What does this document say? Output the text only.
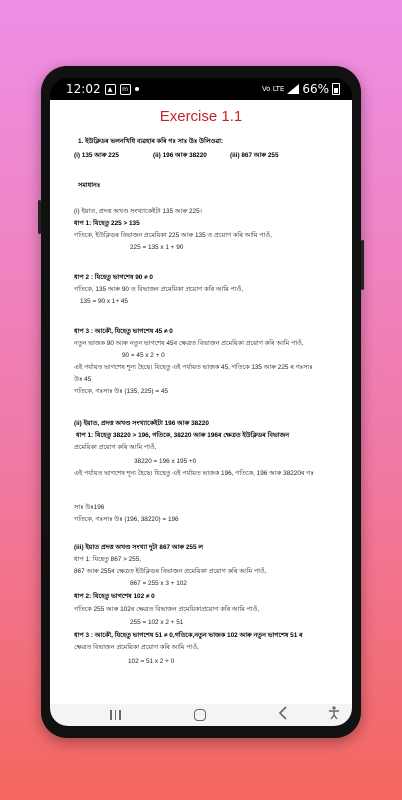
12:02	▲	m	Vo LTE 66%
Exercise 1.1
1. ইউক্লিডৰ ভলনখিধি ব্যৱহাৰ কৰি গঃ সাঃ উঃ উলিওৱা:
(i) 135 আৰু 225	(ii) 196 আৰু 38220	(iii) 867 আৰু 255
সমাধানঃ
(i) ইয়াত, প্ৰদত্ত অখণ্ড সংখ্যাকেইটা 135 আৰু 225।
ধাপ 1: যিহেতু 225 > 135
গতিকে, ইউক্লিডৰ বিভাজন প্ৰমেয়িকা 225 আৰু 135 ত প্ৰয়োগ কৰি আমি পাওঁ,
225 = 135 x 1 + 90
ধাপ 2 : যিহেতু ভাগশেষ 90 ≠ 0
গতিকে, 135 আৰু 90 ত বিভাজন প্ৰমেয়িকা প্ৰয়োগ কৰি আমি পাওঁ,
135 = 90 x 1+ 45
ধাপ 3 : আকৌ, যিহেতু ভাগশেষ 45 ≠ 0
নতুন ভাজক 90 আৰু নতুন ভাগশেষ 45ৰ ক্ষেত্ৰত বিভাজন প্ৰমেয়িকা প্ৰয়োগ কৰি আমি পাওঁ,
90 = 45 x 2 + 0
এই পৰ্যায়ত ভাগশেষ শূন্য হৈছে। যিহেতু এই পৰ্যায়ত ভাজক 45, গতিকে 135 আৰু 225 ৰ গঃসাঃ
উঃ 45
গতিকে, গঃসাঃ উঃ (135, 225) = 45
(ii) ইয়াত, প্ৰদত্ত অখণ্ড সংখ্যাকেইটা 196 আৰু 38220
ধাপ 1: যিহেতু 38220 > 196, গতিকে, 38220 আৰু 196ৰ ক্ষেত্ৰত ইউক্লিডৰ বিভাজন
প্ৰমেয়িকা প্ৰয়োগ কৰি আমি পাওঁ,
38220 = 196 x 195 +0
এই পৰ্যায়ত ভাগশেষ শূন্য হৈছে। যিহেতু এই পৰ্যায়ত ভাজক 196, গতিকে, 196 আৰু 38220ৰ গঃ
সাঃ উঃ196
গতিকে, গঃসাঃ উঃ (196, 38220) = 196
(iii) ইয়াত প্ৰদত্ত অখণ্ড সংখ্যা দুটা 867 আৰু 255 ল
ধাপ 1: যিহেতু 867 > 255,
867 আৰু 255ৰ ক্ষেত্ৰত ইউক্লিডৰ বিভাজন প্ৰমেয়িকা প্ৰয়োগ কৰি আমি পাওঁ,
867 = 255 x 3 + 102
ধাপ 2: যিহেতু ভাগশেষ 102 ≠ 0
গতিকে 255 আৰু 102ৰ ক্ষেত্ৰত বিভাজন প্ৰমেয়িকাপ্ৰয়োগ কৰি আমি পাওঁ,
255 = 102 x 2 + 51
ধাপ 3 : আকৌ, যিহেতু ভাগশেষ 51 ≠ 0,গতিকে,নতুন ভাজক 102 আৰু নতুন ভাগশেষ 51 ৰ
ক্ষেত্ৰত বিভাজন প্ৰমেয়িকা প্ৰয়োগ কৰি আমি পাওঁ,
102 = 51 x 2 + 0
